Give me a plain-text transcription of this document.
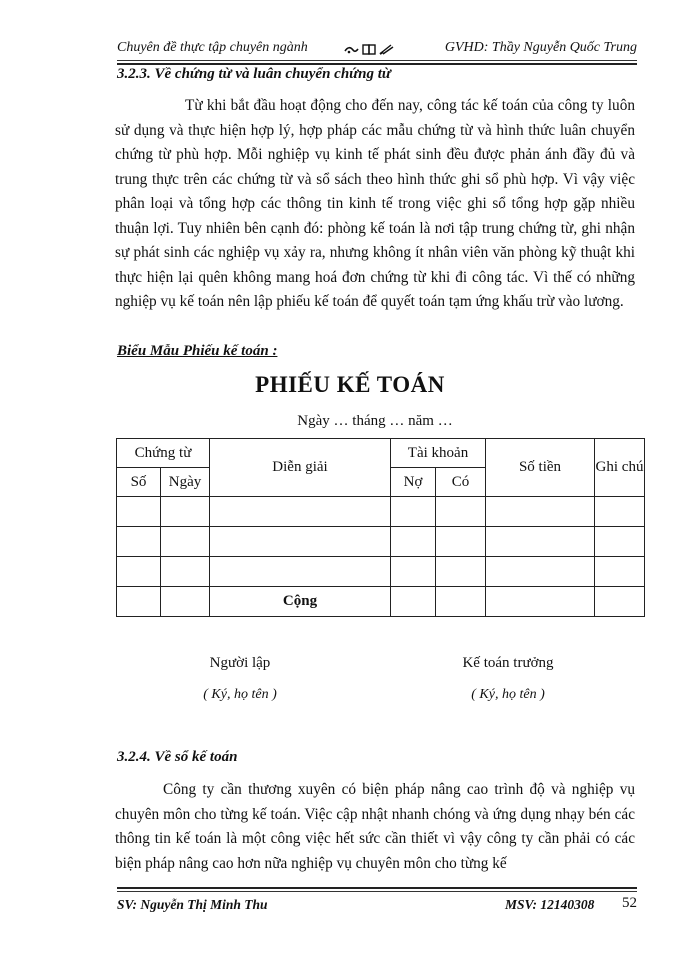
Chuyên đề thực tập chuyên ngành	GVHD: Thầy Nguyễn Quốc Trung
3.2.3. Về chứng từ và luân chuyển chứng từ
Từ khi bắt đầu hoạt động cho đến nay, công tác kế toán của công ty luôn sử dụng và thực hiện hợp lý, hợp pháp các mẫu chứng từ và hình thức luân chuyển chứng từ phù hợp. Mỗi nghiệp vụ kinh tế phát sinh đều được phản ánh đầy đủ và trung thực trên các chứng từ và sổ sách theo hình thức ghi sổ phù hợp. Vì vậy việc phân loại và tổng hợp các thông tin kinh tế trong việc ghi sổ tổng hợp gặp nhiều thuận lợi. Tuy nhiên bên cạnh đó: phòng kế toán là nơi tập trung chứng từ, ghi nhận sự phát sinh các nghiệp vụ xảy ra, nhưng không ít nhân viên văn phòng kỹ thuật khi thực hiện lại quên không mang hoá đơn chứng từ khi đi công tác. Vì thế có những nghiệp vụ kế toán nên lập phiếu kế toán để quyết toán tạm ứng khấu trừ vào lương.
Biểu Mẫu Phiếu kế toán :
PHIẾU KẾ TOÁN
Ngày … tháng … năm …
Chứng từ		Diễn giải	Tài khoản		Số tiền	Ghi chú
Số	Ngày		Nợ	Có		

		Cộng				
Người lập
( Ký, họ tên )
Kế toán trưởng
( Ký, họ tên )
3.2.4. Về sổ kế toán
Công ty cần thương xuyên có biện pháp nâng cao trình độ và nghiệp vụ chuyên môn cho từng kế toán. Việc cập nhật nhanh chóng và ứng dụng nhạy bén các thông tin kế toán là một công việc hết sức cần thiết vì vậy công ty cần phải có các biện pháp nâng cao hơn nữa nghiệp vụ chuyên môn cho từng kế
SV: Nguyễn Thị Minh Thu	MSV: 12140308 52
